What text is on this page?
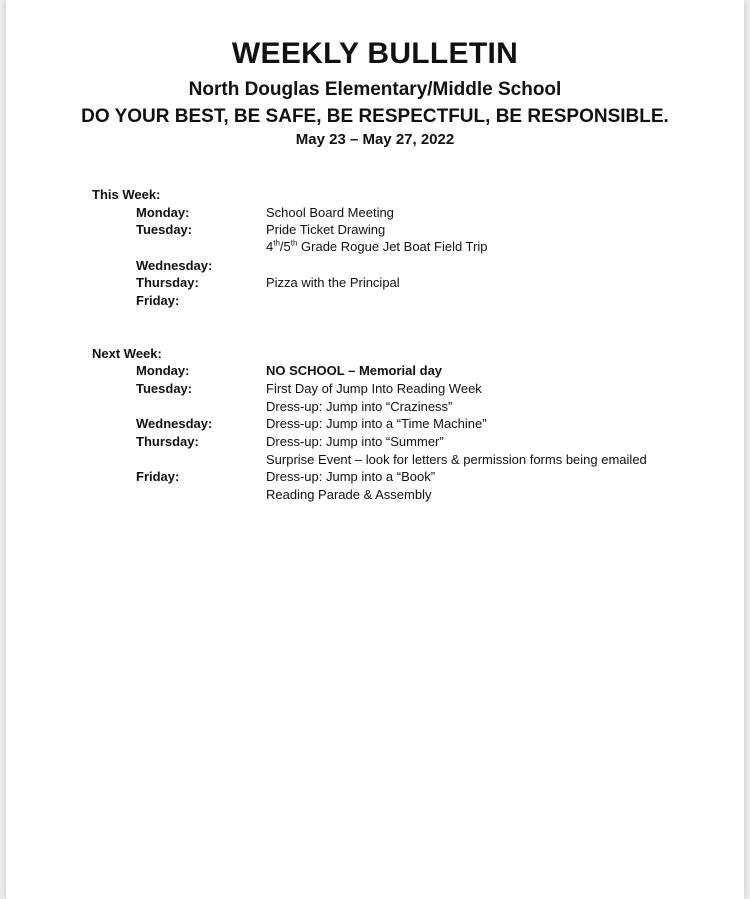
WEEKLY BULLETIN
North Douglas Elementary/Middle School
DO YOUR BEST, BE SAFE, BE RESPECTFUL, BE RESPONSIBLE.
May 23 – May 27, 2022
This Week:
Monday:	School Board Meeting
Tuesday:	Pride Ticket Drawing
4th/5th Grade Rogue Jet Boat Field Trip
Wednesday:
Thursday:	Pizza with the Principal
Friday:
Next Week:
Monday:	NO SCHOOL – Memorial day
Tuesday:	First Day of Jump Into Reading Week
Dress-up: Jump into “Craziness”
Wednesday:	Dress-up: Jump into a “Time Machine”
Thursday:	Dress-up: Jump into “Summer”
Surprise Event – look for letters & permission forms being emailed
Friday:	Dress-up: Jump into a “Book”
Reading Parade & Assembly
